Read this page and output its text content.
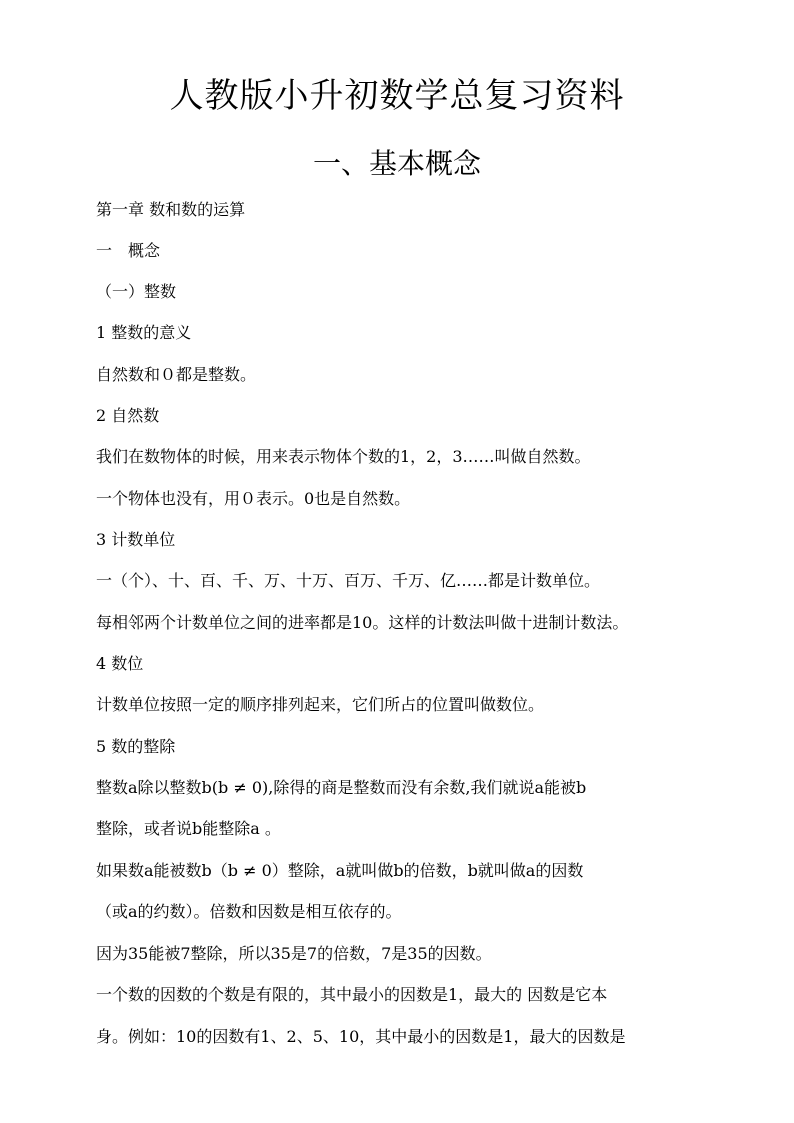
人教版小升初数学总复习资料
一、基本概念

第一章 数和数的运算

一　概念

（一）整数

1 整数的意义

自然数和０都是整数。

2 自然数

我们在数物体的时候，用来表示物体个数的1，2，3……叫做自然数。

一个物体也没有，用０表示。0也是自然数。

3 计数单位

一（个）、十、百、千、万、十万、百万、千万、亿……都是计数单位。

每相邻两个计数单位之间的进率都是10。这样的计数法叫做十进制计数法。

4 数位

计数单位按照一定的顺序排列起来，它们所占的位置叫做数位。

5 数的整除

整数a除以整数b(b ≠ 0),除得的商是整数而没有余数,我们就说a能被b

整除，或者说b能整除a 。

如果数a能被数b（b ≠ 0）整除，a就叫做b的倍数，b就叫做a的因数

（或a的约数）。倍数和因数是相互依存的。

因为35能被7整除，所以35是7的倍数，7是35的因数。

一个数的因数的个数是有限的，其中最小的因数是1，最大的 因数是它本

身。例如：10的因数有1、2、5、10，其中最小的因数是1，最大的因数是
